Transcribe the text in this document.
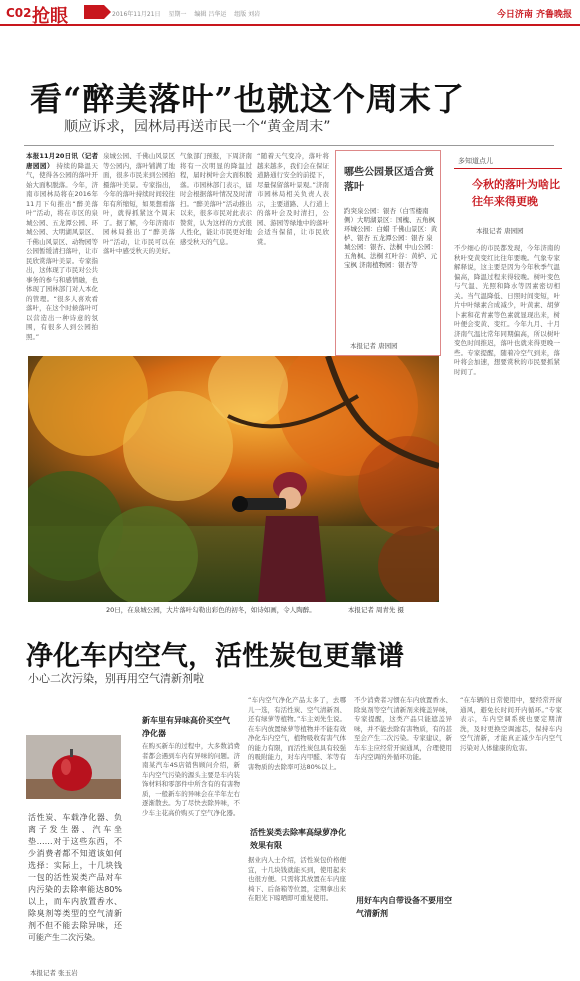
C02 抢眼	2016年11月21日 星期一 编辑 吕华运 组版 刘岩	今日济南 齐鲁晚报
看“醉美落叶”也就这个周末了
顺应诉求，园林局再送市民一个“黄金周末”
本报11月20日讯（记者 唐园园） 持续的降温天气，使得各公园的落叶开始大面积脱落。今年，济南市园林局将在2016年11月下旬推出“醉美落叶”活动，将在市区的泉城公园、五龙潭公园、环城公园、大明湖风景区、千佛山风景区、动物园等公园暂缓清扫落叶，让市民欣赏落叶美景。专家指出，这体现了市民对公共事务的参与和感情融，也体现了园林部门对人本化的管理。“很多人喜欢看落叶，在这个时候落叶可以营造出一种诗意的氛围，有很多人到公园拍照。”
泉城公园、千佛山风景区等公园内，落叶铺满了地面，很多市民来到公园拍摄落叶美景。专家指出，今年的落叶持续时间较往年有所缩短，如果想看落叶，就得抓紧这个周末了。据了解，今年济南市园林局推出了“醉美落叶”活动，让市民可以在落叶中感受秋天的美好。
气象部门预报，下周济南将有一次明显的降温过程，届时树叶会大面积脱落。市园林部门表示，届时会根据落叶情况及时清扫。“醉美落叶”活动推出以来，很多市民对此表示赞赏，认为这样的方式很人性化，能让市民更好地感受秋天的气息。
“随着天气变冷，落叶将越来越多，我们会在保证道路通行安全的前提下，尽量保留落叶景观。”济南市园林局相关负责人表示，主要道路、人行道上的落叶会及时清扫，公园、游园等绿地中的落叶会适当保留，让市民欣赏。
哪些公园景区适合赏落叶
趵突泉公园：银杏（白雪楼南侧）大明湖景区：国槐、五角枫 环城公园：白蜡 千佛山景区：黄栌、银杏 五龙潭公园：银杏 泉城公园：银杏、法桐 中山公园：五角枫、法桐 红叶谷：黄栌、元宝枫 济南植物园：银杏等
本报记者 唐园园
多知道点儿
今秋的落叶为啥比往年来得更晚
本报记者 唐园园
不少细心的市民都发现，今年济南的秋叶变黄变红比往年要晚。气象专家解释说，这主要是因为今年秋季气温偏高，降温过程来得较晚。树叶变色与气温、光照和降水等因素密切相关。当气温降低、日照时间变短，叶片中叶绿素合成减少，叶黄素、胡萝卜素和花青素等色素就显现出来，树叶便会变黄、变红。今年九月、十月济南气温比常年同期偏高，所以树叶变色时间推迟，落叶也就来得更晚一些。专家提醒，随着冷空气到来，落叶将会加速，想要赏秋的市民要抓紧时间了。
20日，在泉城公园，大片落叶勾勒出彩色的初冬，如诗如画，令人陶醉。	本报记者 周青先 摄
净化车内空气，活性炭包更靠谱
小心二次污染，别再用空气清新剂啦
活性炭、车载净化器、负离子发生器、汽车坐垫……对于这些东西，不少消费者都不知道该如何选择：实际上，十几块钱一包的活性炭类产品对车内污染的去除率能达80%以上，而车内放置香水、除臭剂等类型的空气清新剂不但不能去除异味，还可能产生二次污染。
本报记者 张玉岩
新车里有异味高价买空气净化器
在购买新车的过程中，大多数消费者都会遇到车内有异味的问题。济南某汽车4S店销售顾问介绍，新车内空气污染的源头主要是车内装饰材料和零部件中所含有的有害物质，一般新车的异味会在半年左右逐渐散去。为了尽快去除异味，不少车主花高价购买了空气净化器。
“车内空气净化产品太多了，去哪儿一选，有活性炭、空气清新剂、还有绿萝等植物。”车主刘先生说。在车内放置绿萝等植物并不能有效净化车内空气，植物吸收有害气体的能力有限，而活性炭包具有较强的吸附能力，对车内甲醛、苯等有害物质的去除率可达80%以上。
活性炭类去除率高绿萝净化效果有限
据业内人士介绍，活性炭包价格便宜，十几块钱就能买到，使用起来也很方便。只需将其放置在车内座椅下、后备箱等位置，定期拿出来在阳光下晾晒即可重复使用。
不少消费者习惯在车内放置香水、除臭剂等空气清新剂来掩盖异味，专家提醒，这类产品只能遮盖异味，并不能去除有害物质，有的甚至会产生二次污染。专家建议，新车车主应经常开窗通风，合理使用车内空调的外循环功能。
用好车内自带设备不要用空气清新剂
“在车辆的日常使用中，要经常开窗通风，避免长时间开内循环。”专家表示，车内空调系统也要定期清洗，及时更换空调滤芯，保持车内空气清新，才能真正减少车内空气污染对人体健康的危害。
